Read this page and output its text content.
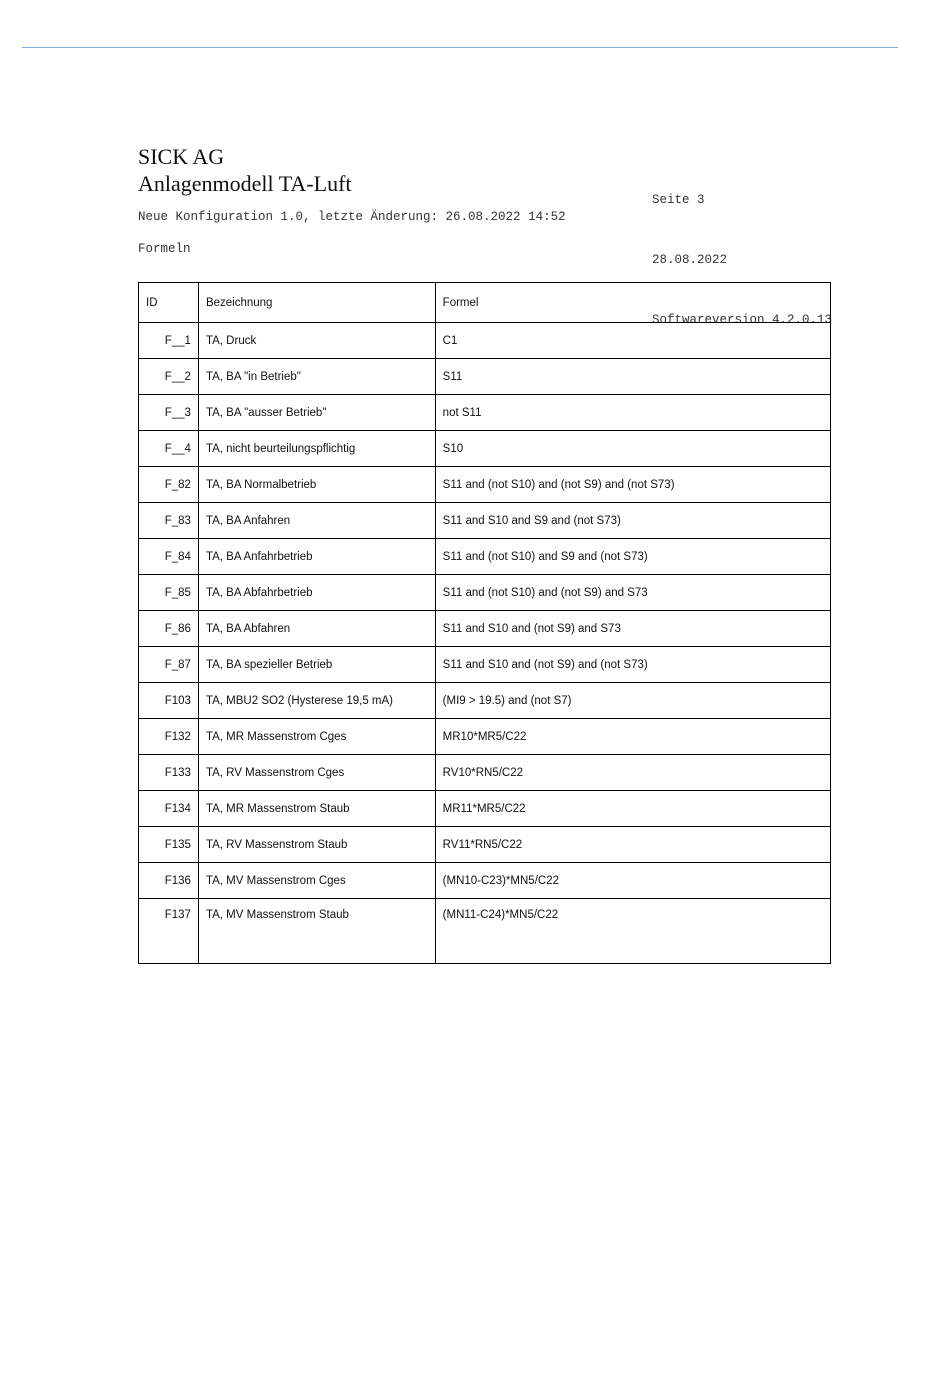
SICK AG
Anlagenmodell TA-Luft

Seite 3

28.08.2022

Softwareversion 4.2.0.13

Neue Konfiguration 1.0, letzte Änderung: 26.08.2022 14:52
Formeln
ID	Bezeichnung	Formel
F__1	TA, Druck	C1
F__2	TA, BA "in Betrieb"	S11
F__3	TA, BA "ausser Betrieb"	not S11
F__4	TA, nicht beurteilungspflichtig	S10
F_82	TA, BA Normalbetrieb	S11 and (not S10) and (not S9) and (not S73)
F_83	TA, BA Anfahren	S11 and S10 and S9 and (not S73)
F_84	TA, BA Anfahrbetrieb	S11 and (not S10) and S9 and (not S73)
F_85	TA, BA Abfahrbetrieb	S11 and (not S10) and (not S9) and S73
F_86	TA, BA Abfahren	S11 and S10 and (not S9) and S73
F_87	TA, BA spezieller Betrieb	S11 and S10 and (not S9) and (not S73)
F103	TA, MBU2 SO2 (Hysterese 19,5 mA)	(MI9 > 19.5) and (not S7)
F132	TA, MR Massenstrom Cges	MR10*MR5/C22
F133	TA, RV Massenstrom Cges	RV10*RN5/C22
F134	TA, MR Massenstrom Staub	MR11*MR5/C22
F135	TA, RV Massenstrom Staub	RV11*RN5/C22
F136	TA, MV Massenstrom Cges	(MN10-C23)*MN5/C22
F137	TA, MV Massenstrom Staub	(MN11-C24)*MN5/C22
